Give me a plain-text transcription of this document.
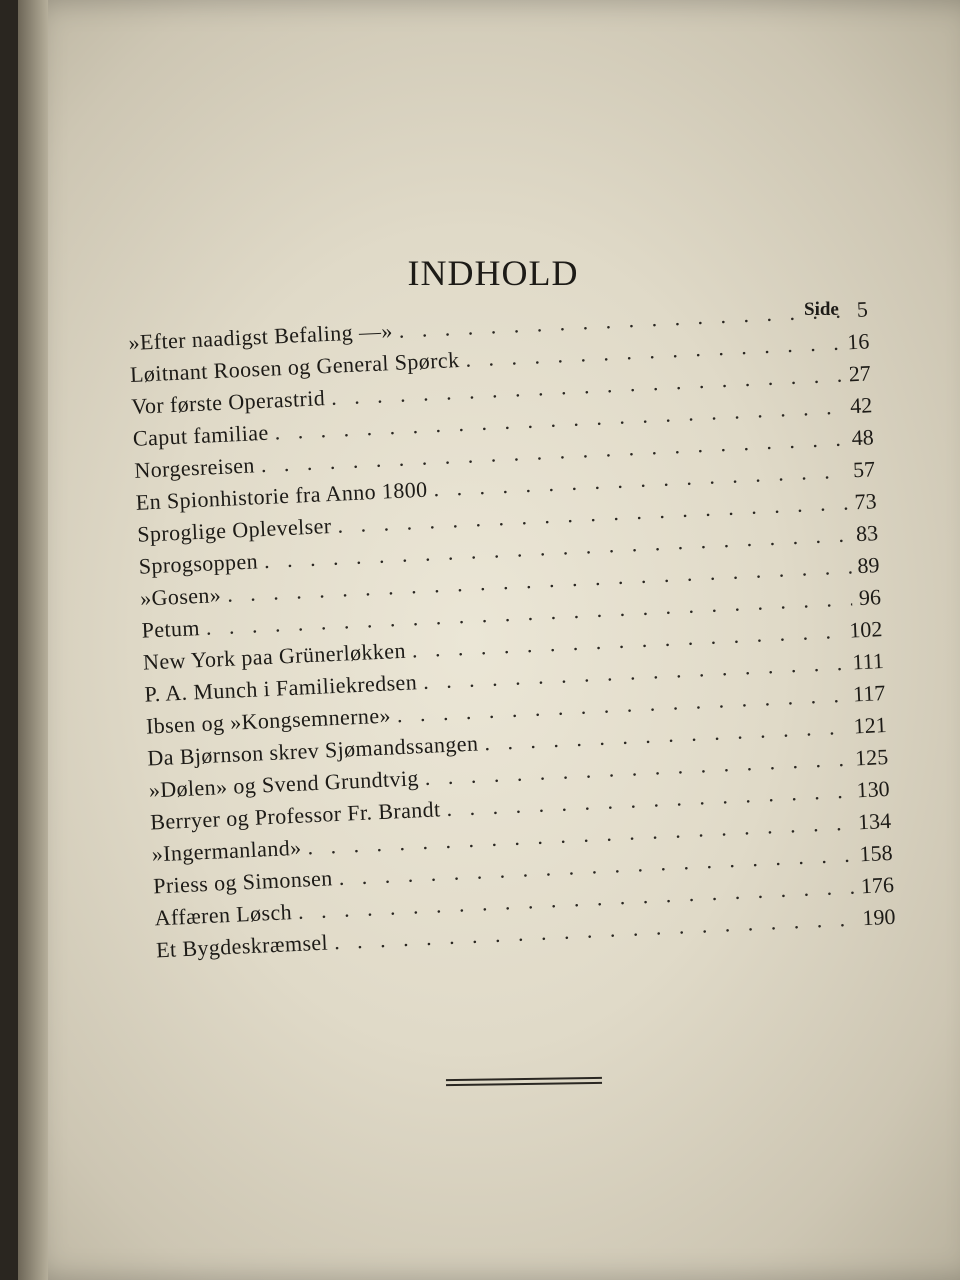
INDHOLD
Side
»Efter naadigst Befaling —»
. . .
5
Løitnant Roosen og General Spørck
. . .
16
Vor første Operastrid
. . .
27
Caput familiae
. . .
42
Norgesreisen
. . .
48
En Spionhistorie fra Anno 1800
. . .
57
Sproglige Oplevelser
. . .
73
Sprogsoppen
. . .
83
»Gosen»
. . .
89
Petum
. . .
96
New York paa Grünerløkken
. . .
102
P. A. Munch i Familiekredsen
. . .
111
Ibsen og »Kongsemnerne»
. . .
117
Da Bjørnson skrev Sjømandssangen
. . .
121
»Dølen» og Svend Grundtvig
. . .
125
Berryer og Professor Fr. Brandt
. . .
130
»Ingermanland»
. . .
134
Priess og Simonsen
. . .
158
Affæren Løsch
. . .
176
Et Bygdeskræmsel
. . .
190
